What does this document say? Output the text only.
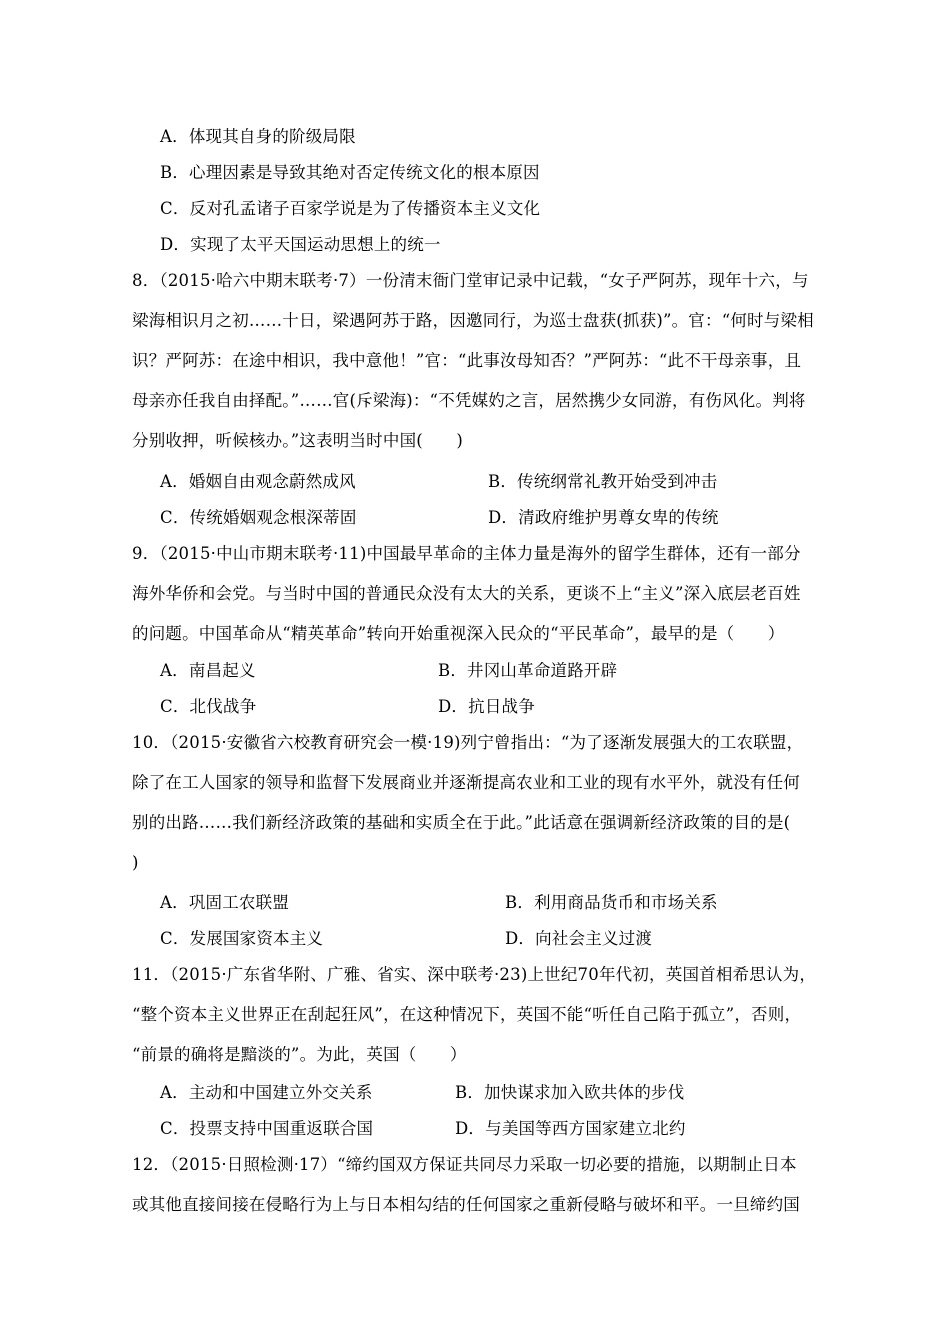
A．体现其自身的阶级局限
B．心理因素是导致其绝对否定传统文化的根本原因
C．反对孔孟诸子百家学说是为了传播资本主义文化
D．实现了太平天国运动思想上的统一
8．（2015·哈六中期末联考·7）一份清末衙门堂审记录中记载，“女子严阿苏，现年十六，与
梁海相识月之初……十日，梁遇阿苏于路，因邀同行，为巡士盘获(抓获)”。官：“何时与梁相
识？严阿苏：在途中相识，我中意他！”官：“此事汝母知否？”严阿苏：“此不干母亲事，且
母亲亦任我自由择配。”……官(斥梁海)：“不凭媒妁之言，居然携少女同游，有伤风化。判将
分别收押，听候核办。”这表明当时中国(　　)
A．婚姻自由观念蔚然成风	B．传统纲常礼教开始受到冲击
C．传统婚姻观念根深蒂固	D．清政府维护男尊女卑的传统
9．（2015·中山市期末联考·11)中国最早革命的主体力量是海外的留学生群体，还有一部分
海外华侨和会党。与当时中国的普通民众没有太大的关系，更谈不上“主义”深入底层老百姓
的问题。中国革命从“精英革命”转向开始重视深入民众的“平民革命”，最早的是（　　）
A．南昌起义	B．井冈山革命道路开辟
C．北伐战争	D．抗日战争
10．（2015·安徽省六校教育研究会一模·19)列宁曾指出：“为了逐渐发展强大的工农联盟，
除了在工人国家的领导和监督下发展商业并逐渐提高农业和工业的现有水平外，就没有任何
别的出路……我们新经济政策的基础和实质全在于此。”此话意在强调新经济政策的目的是(
)
A．巩固工农联盟	B．利用商品货币和市场关系
C．发展国家资本主义	D．向社会主义过渡
11．（2015·广东省华附、广雅、省实、深中联考·23)上世纪70年代初，英国首相希思认为，
“整个资本主义世界正在刮起狂风”，在这种情况下，英国不能“听任自己陷于孤立”，否则，
“前景的确将是黯淡的”。为此，英国（　　）
A．主动和中国建立外交关系	B．加快谋求加入欧共体的步伐
C．投票支持中国重返联合国	D．与美国等西方国家建立北约
12．（2015·日照检测·17）“缔约国双方保证共同尽力采取一切必要的措施，以期制止日本
或其他直接间接在侵略行为上与日本相勾结的任何国家之重新侵略与破坏和平。一旦缔约国
